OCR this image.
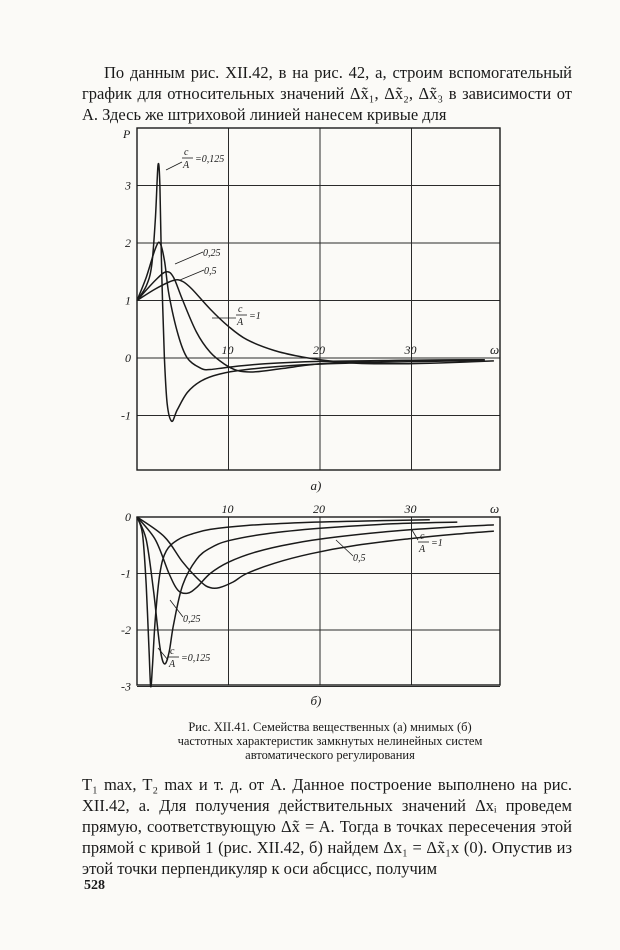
По данным рис. XII.42, в на рис. 42, а, строим вспомогательный график для относительных значений Δx̃₁, Δx̃₂, Δx̃₃ в зависимости от A. Здесь же штриховой линией нанесем кривые для

10	20	30
3
2
1
0
-1
P
ω
а)
c
A
=0,125
0,25
0,5
c
A
=1
10	20	30
0
-1
-2
-3
ω
б)
c
A
=0,125
0,25
0,5
c
A
=1
Рис. XII.41. Семейства вещественных (а) мнимых (б)
частотных характеристик замкнутых нелинейных систем
автоматического регулирования

T₁ max, T₂ max и т. д. от A. Данное построение выполнено на рис. XII.42, а. Для получения действительных значений Δxᵢ проведем прямую, соответствующую Δx̃ = A. Тогда в точках пересечения этой прямой с кривой 1 (рис. XII.42, б) найдем Δx₁ = Δx̃₁x (0). Опустив из этой точки перпендикуляр к оси абсцисс, получим

528
